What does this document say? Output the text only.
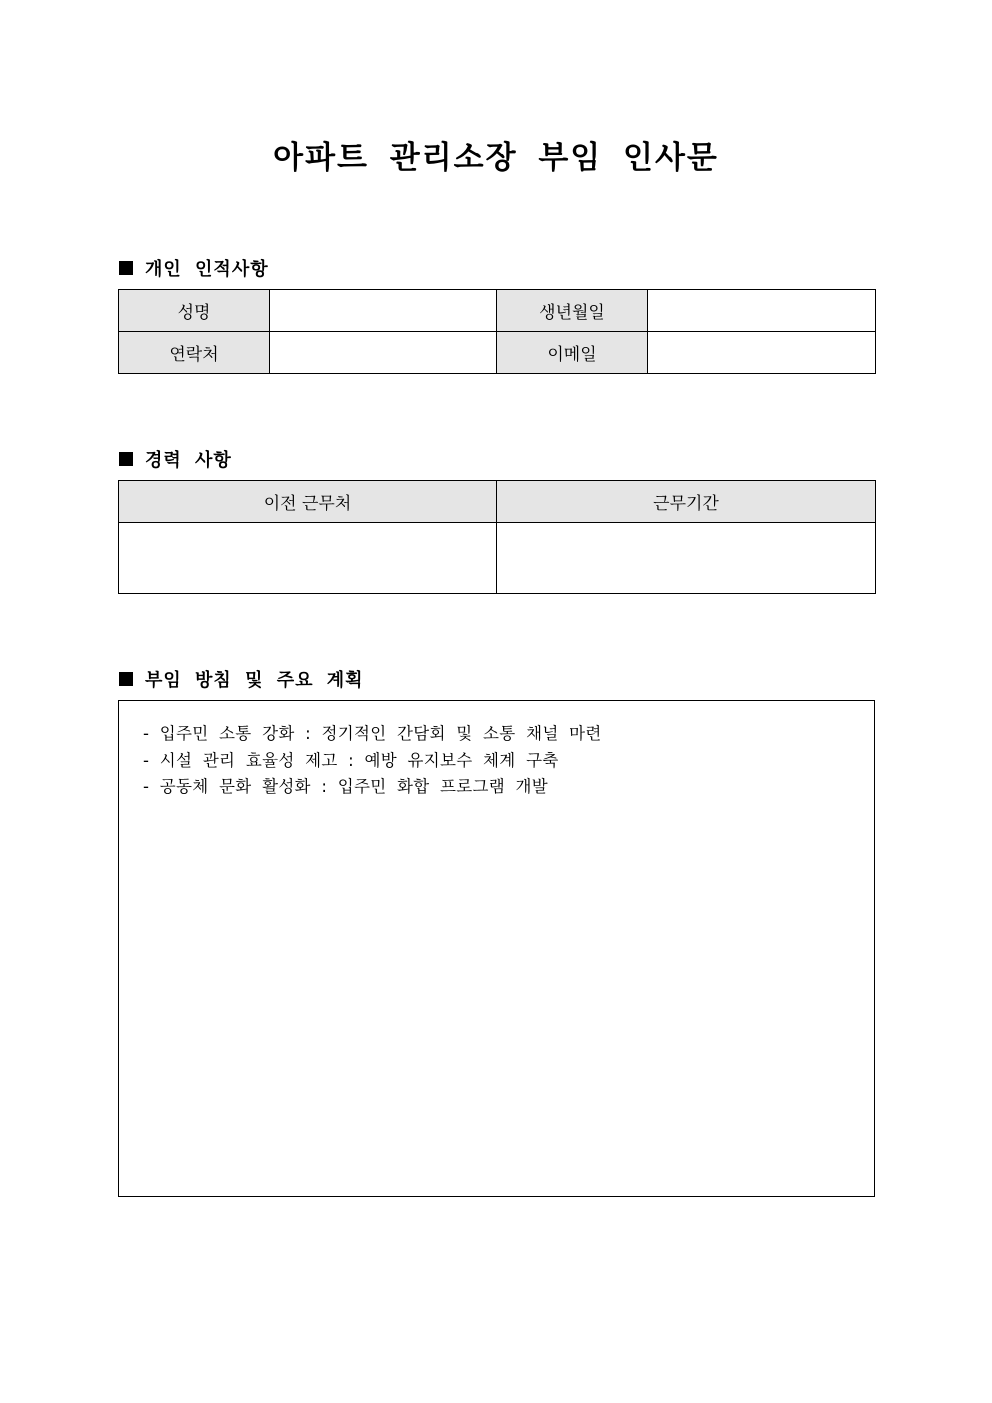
아파트 관리소장 부임 인사문
개인 인적사항
성명		생년월일	
연락처		이메일	
경력 사항
이전 근무처	근무기간

부임 방침 및 주요 계획
- 입주민 소통 강화 : 정기적인 간담회 및 소통 채널 마련
- 시설 관리 효율성 제고 : 예방 유지보수 체계 구축
- 공동체 문화 활성화 : 입주민 화합 프로그램 개발
